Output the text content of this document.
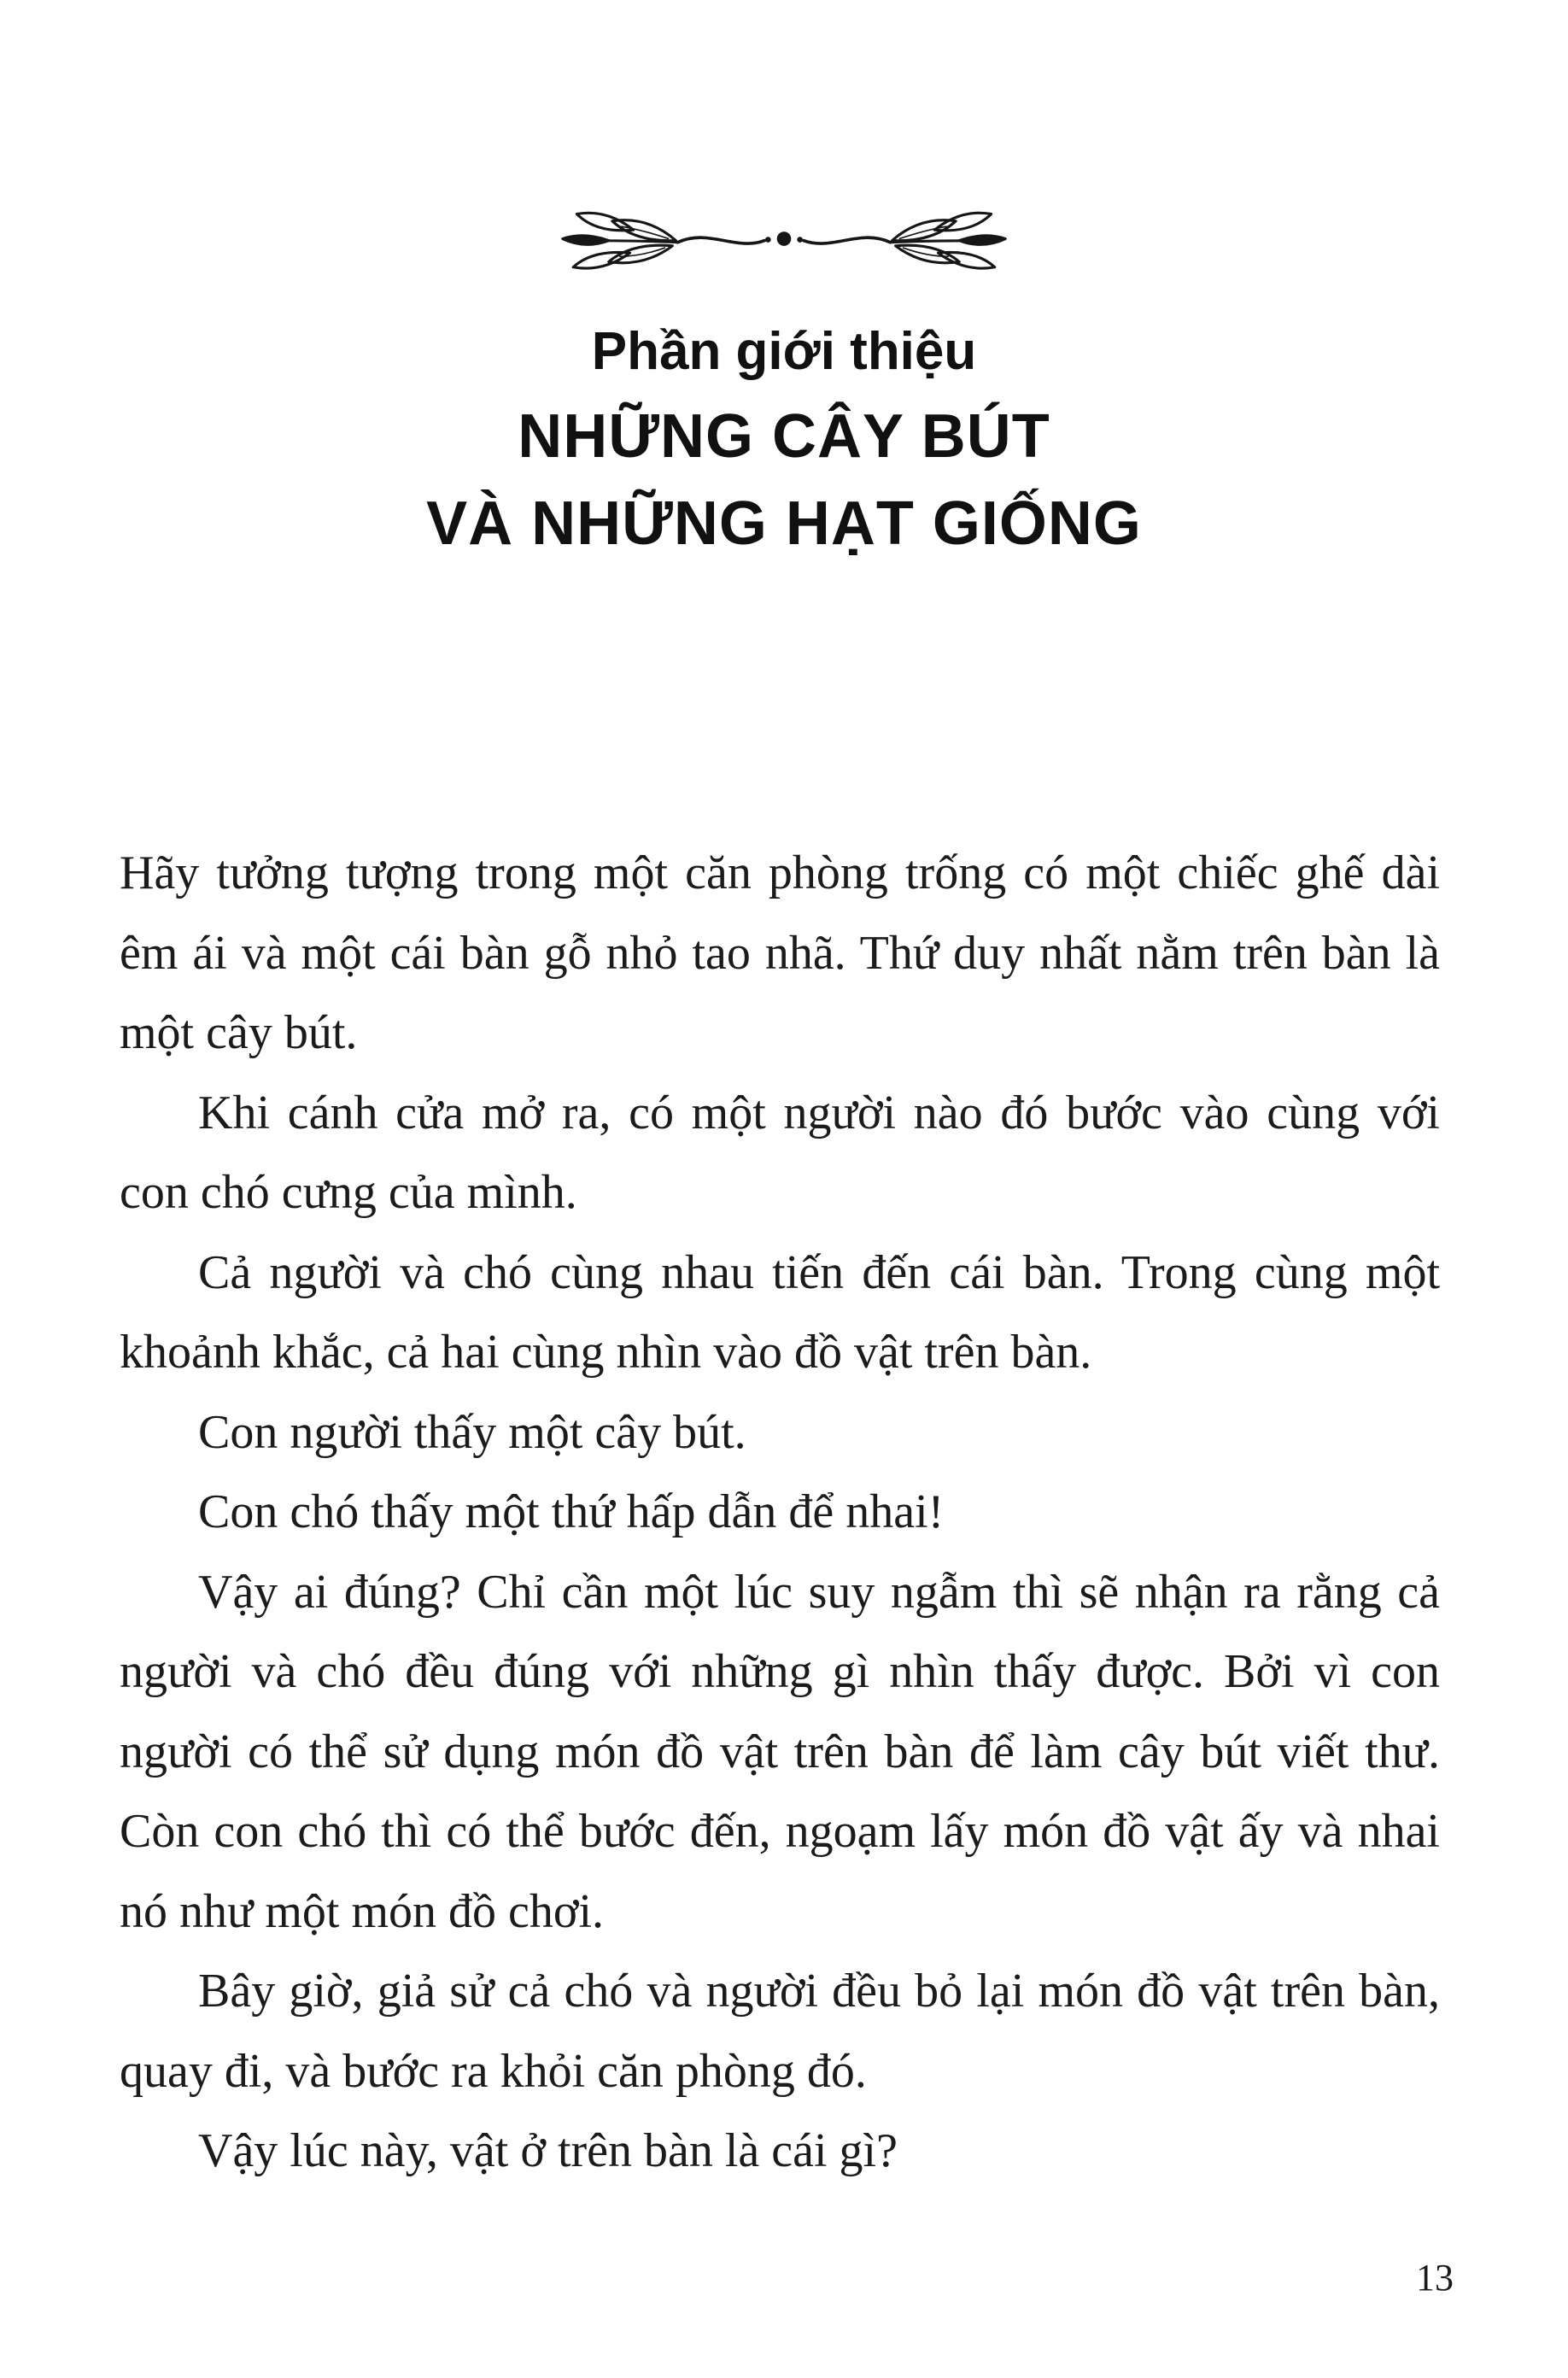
Phần giới thiệu
NHỮNG CÂY BÚT
VÀ NHỮNG HẠT GIỐNG

Hãy tưởng tượng trong một căn phòng trống có một chiếc ghế dài êm ái và một cái bàn gỗ nhỏ tao nhã. Thứ duy nhất nằm trên bàn là một cây bút.

Khi cánh cửa mở ra, có một người nào đó bước vào cùng với con chó cưng của mình.

Cả người và chó cùng nhau tiến đến cái bàn. Trong cùng một khoảnh khắc, cả hai cùng nhìn vào đồ vật trên bàn.

Con người thấy một cây bút.

Con chó thấy một thứ hấp dẫn để nhai!

Vậy ai đúng? Chỉ cần một lúc suy ngẫm thì sẽ nhận ra rằng cả người và chó đều đúng với những gì nhìn thấy được. Bởi vì con người có thể sử dụng món đồ vật trên bàn để làm cây bút viết thư. Còn con chó thì có thể bước đến, ngoạm lấy món đồ vật ấy và nhai nó như một món đồ chơi.

Bây giờ, giả sử cả chó và người đều bỏ lại món đồ vật trên bàn, quay đi, và bước ra khỏi căn phòng đó.

Vậy lúc này, vật ở trên bàn là cái gì?

13
